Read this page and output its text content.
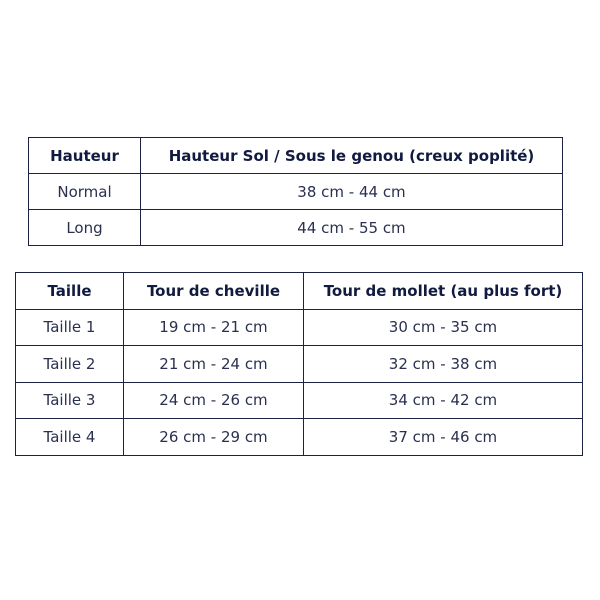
Hauteur	Hauteur Sol / Sous le genou (creux poplité)
Normal	38 cm - 44 cm
Long	44 cm - 55 cm
Taille	Tour de cheville	Tour de mollet (au plus fort)
Taille 1	19 cm - 21 cm	30 cm - 35 cm
Taille 2	21 cm - 24 cm	32 cm - 38 cm
Taille 3	24 cm - 26 cm	34 cm - 42 cm
Taille 4	26 cm - 29 cm	37 cm - 46 cm
